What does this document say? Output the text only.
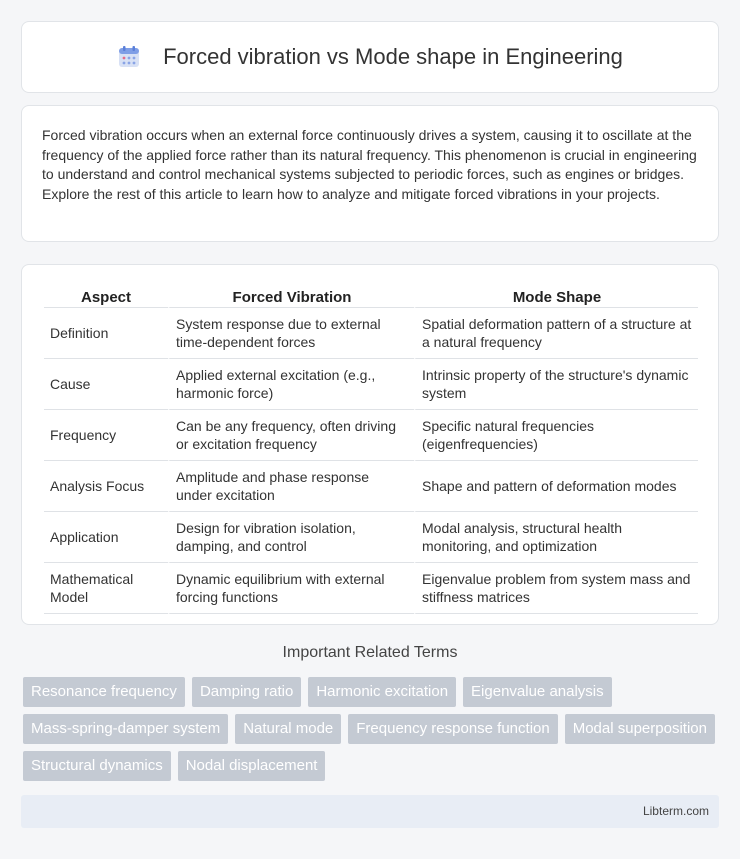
Forced vibration vs Mode shape in Engineering

Forced vibration occurs when an external force continuously drives a system, causing it to oscillate at the frequency of the applied force rather than its natural frequency. This phenomenon is crucial in engineering to understand and control mechanical systems subjected to periodic forces, such as engines or bridges. Explore the rest of this article to learn how to analyze and mitigate forced vibrations in your projects.

Aspect	Forced Vibration	Mode Shape
Definition	System response due to external time-dependent forces	Spatial deformation pattern of a structure at a natural frequency
Cause	Applied external excitation (e.g., harmonic force)	Intrinsic property of the structure's dynamic system
Frequency	Can be any frequency, often driving or excitation frequency	Specific natural frequencies (eigenfrequencies)
Analysis Focus	Amplitude and phase response under excitation	Shape and pattern of deformation modes
Application	Design for vibration isolation, damping, and control	Modal analysis, structural health monitoring, and optimization
Mathematical Model	Dynamic equilibrium with external forcing functions	Eigenvalue problem from system mass and stiffness matrices
Important Related Terms
Resonance frequency	Damping ratio	Harmonic excitation	Eigenvalue analysis
Mass-spring-damper system	Natural mode	Frequency response function	Modal superposition
Structural dynamics	Nodal displacement
Libterm.com
